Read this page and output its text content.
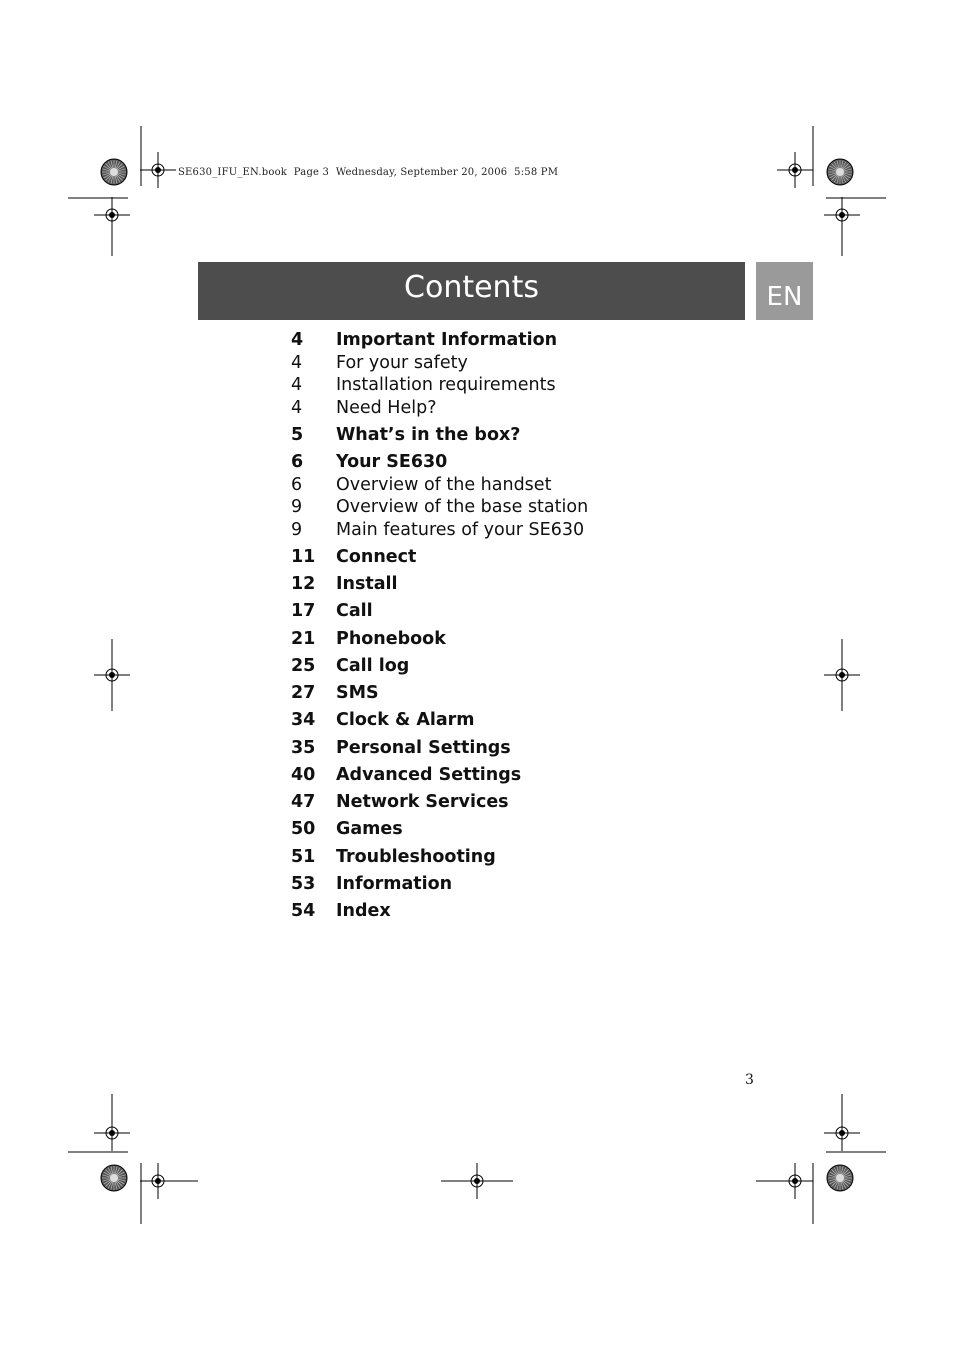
SE630_IFU_EN.book  Page 3  Wednesday, September 20, 2006  5:58 PM
Contents	EN
4	Important Information
4	For your safety
4	Installation requirements
4	Need Help?
5	What’s in the box?
6	Your SE630
6	Overview of the handset
9	Overview of the base station
9	Main features of your SE630
11	Connect
12	Install
17	Call
21	Phonebook
25	Call log
27	SMS
34	Clock & Alarm
35	Personal Settings
40	Advanced Settings
47	Network Services
50	Games
51	Troubleshooting
53	Information
54	Index
3
